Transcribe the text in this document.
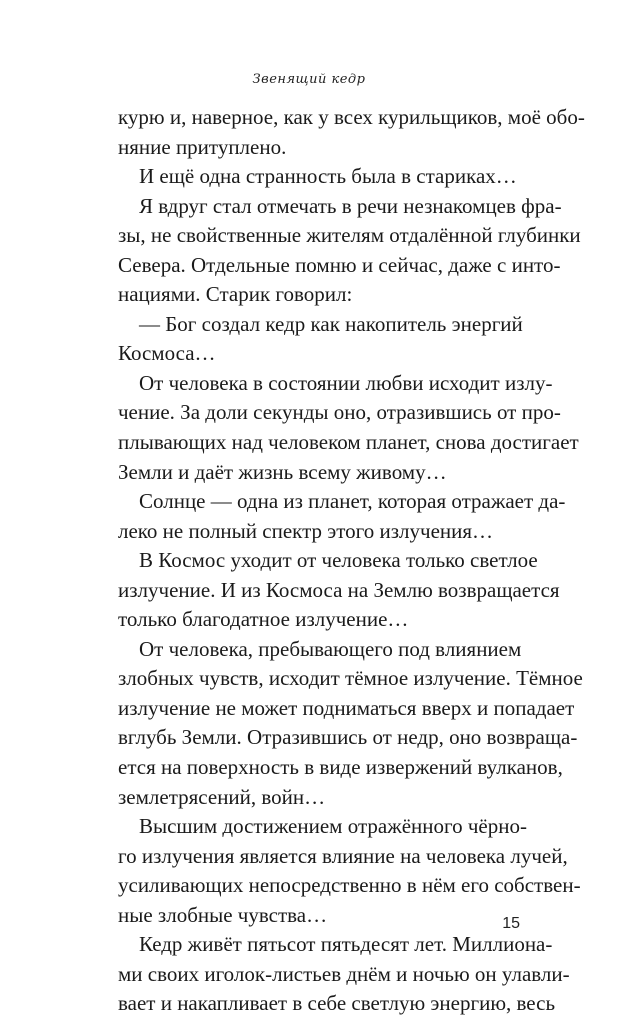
Звенящий кедр
курю и, наверное, как у всех курильщиков, моё обо-
няние притуплено.
И ещё одна странность была в стариках…
Я вдруг стал отмечать в речи незнакомцев фра-
зы, не свойственные жителям отдалённой глубинки
Севера. Отдельные помню и сейчас, даже с инто-
нациями. Старик говорил:
— Бог создал кедр как накопитель энергий
Космоса…
От человека в состоянии любви исходит излу-
чение. За доли секунды оно, отразившись от про-
плывающих над человеком планет, снова достигает
Земли и даёт жизнь всему живому…
Солнце — одна из планет, которая отражает да-
леко не полный спектр этого излучения…
В Космос уходит от человека только светлое
излучение. И из Космоса на Землю возвращается
только благодатное излучение…
От человека, пребывающего под влиянием
злобных чувств, исходит тёмное излучение. Тёмное
излучение не может подниматься вверх и попадает
вглубь Земли. Отразившись от недр, оно возвраща-
ется на поверхность в виде извержений вулканов,
землетрясений, войн…
Высшим достижением отражённого чёрно-
го излучения является влияние на человека лучей,
усиливающих непосредственно в нём его собствен-
ные злобные чувства…
Кедр живёт пятьсот пятьдесят лет. Миллиона-
ми своих иголок-листьев днём и ночью он улавли-
вает и накапливает в себе светлую энергию, весь
15
